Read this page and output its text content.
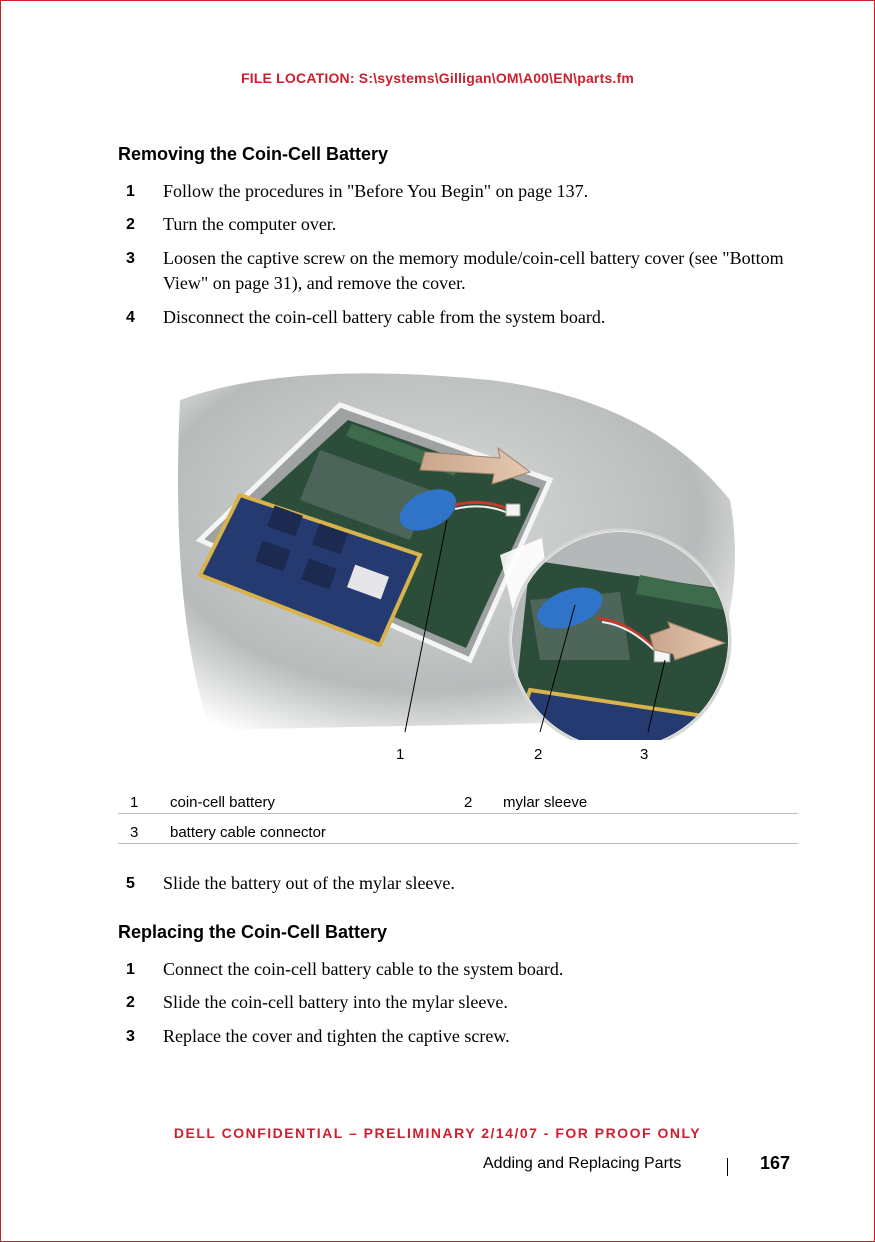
FILE LOCATION: S:\systems\Gilligan\OM\A00\EN\parts.fm
Removing the Coin-Cell Battery
1 Follow the procedures in "Before You Begin" on page 137.
2 Turn the computer over.
3 Loosen the captive screw on the memory module/coin-cell battery cover (see "Bottom View" on page 31), and remove the cover.
4 Disconnect the coin-cell battery cable from the system board.
1	2	3
1 coin-cell battery	2 mylar sleeve
3 battery cable connector
5 Slide the battery out of the mylar sleeve.
Replacing the Coin-Cell Battery
1 Connect the coin-cell battery cable to the system board.
2 Slide the coin-cell battery into the mylar sleeve.
3 Replace the cover and tighten the captive screw.
DELL CONFIDENTIAL – PRELIMINARY 2/14/07 - FOR PROOF ONLY
Adding and Replacing Parts	167
